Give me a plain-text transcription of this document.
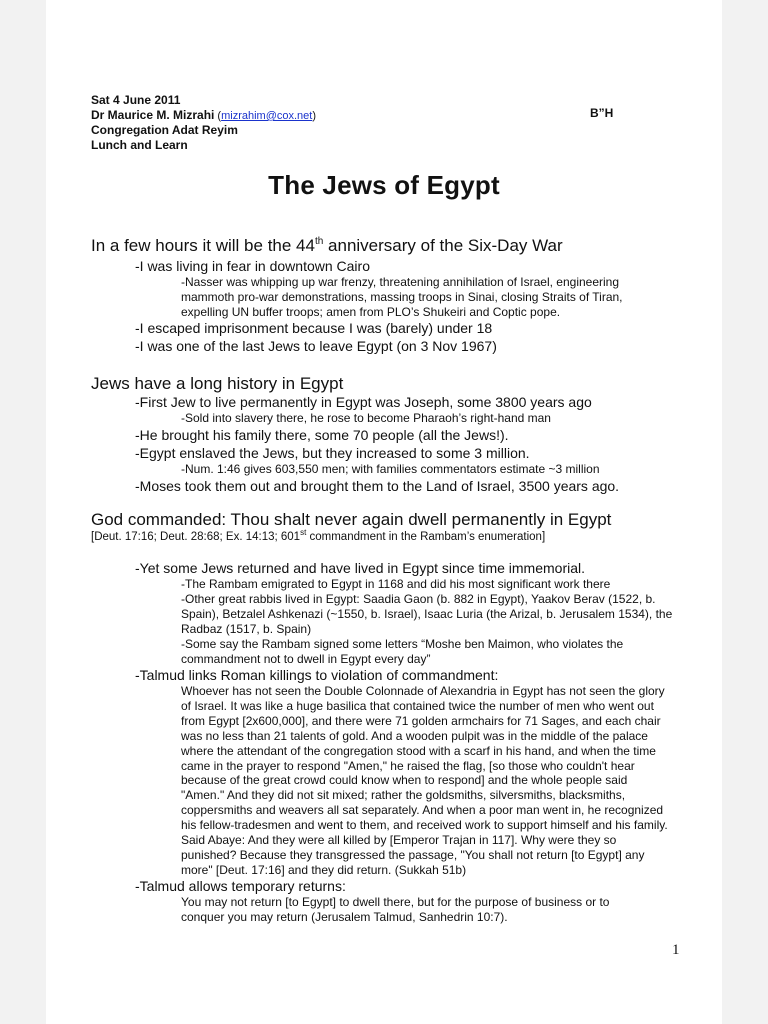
Sat 4 June 2011
Dr Maurice M. Mizrahi (mizrahim@cox.net)	B”H
Congregation Adat Reyim
Lunch and Learn
The Jews of Egypt
In a few hours it will be the 44th anniversary of the Six-Day War
-I was living in fear in downtown Cairo
-Nasser was whipping up war frenzy, threatening annihilation of Israel, engineering mammoth pro-war demonstrations, massing troops in Sinai, closing Straits of Tiran, expelling UN buffer troops; amen from PLO’s Shukeiri and Coptic pope.
-I escaped imprisonment because I was (barely) under 18
-I was one of the last Jews to leave Egypt (on 3 Nov 1967)
Jews have a long history in Egypt
-First Jew to live permanently in Egypt was Joseph, some 3800 years ago
-Sold into slavery there, he rose to become Pharaoh’s right-hand man
-He brought his family there, some 70 people (all the Jews!).
-Egypt enslaved the Jews, but they increased to some 3 million.
-Num. 1:46 gives 603,550 men; with families commentators estimate ~3 million
-Moses took them out and brought them to the Land of Israel, 3500 years ago.
God commanded: Thou shalt never again dwell permanently in Egypt
[Deut. 17:16; Deut. 28:68; Ex. 14:13; 601st commandment in the Rambam’s enumeration]
-Yet some Jews returned and have lived in Egypt since time immemorial.
-The Rambam emigrated to Egypt in 1168 and did his most significant work there
-Other great rabbis lived in Egypt: Saadia Gaon (b. 882 in Egypt), Yaakov Berav (1522, b. Spain), Betzalel Ashkenazi (~1550, b. Israel), Isaac Luria (the Arizal, b. Jerusalem 1534), the Radbaz (1517, b. Spain)
-Some say the Rambam signed some letters “Moshe ben Maimon, who violates the commandment not to dwell in Egypt every day”
-Talmud links Roman killings to violation of commandment:
Whoever has not seen the Double Colonnade of Alexandria in Egypt has not seen the glory of Israel. It was like a huge basilica that contained twice the number of men who went out from Egypt [2x600,000], and there were 71 golden armchairs for 71 Sages, and each chair was no less than 21 talents of gold. And a wooden pulpit was in the middle of the palace where the attendant of the congregation stood with a scarf in his hand, and when the time came in the prayer to respond "Amen," he raised the flag, [so those who couldn't hear because of the great crowd could know when to respond] and the whole people said "Amen." And they did not sit mixed; rather the goldsmiths, silversmiths, blacksmiths, coppersmiths and weavers all sat separately. And when a poor man went in, he recognized his fellow-tradesmen and went to them, and received work to support himself and his family. Said Abaye: And they were all killed by [Emperor Trajan in 117]. Why were they so punished? Because they transgressed the passage, "You shall not return [to Egypt] any more" [Deut. 17:16] and they did return. (Sukkah 51b)
-Talmud allows temporary returns:
You may not return [to Egypt] to dwell there, but for the purpose of business or to conquer you may return (Jerusalem Talmud, Sanhedrin 10:7).
1
